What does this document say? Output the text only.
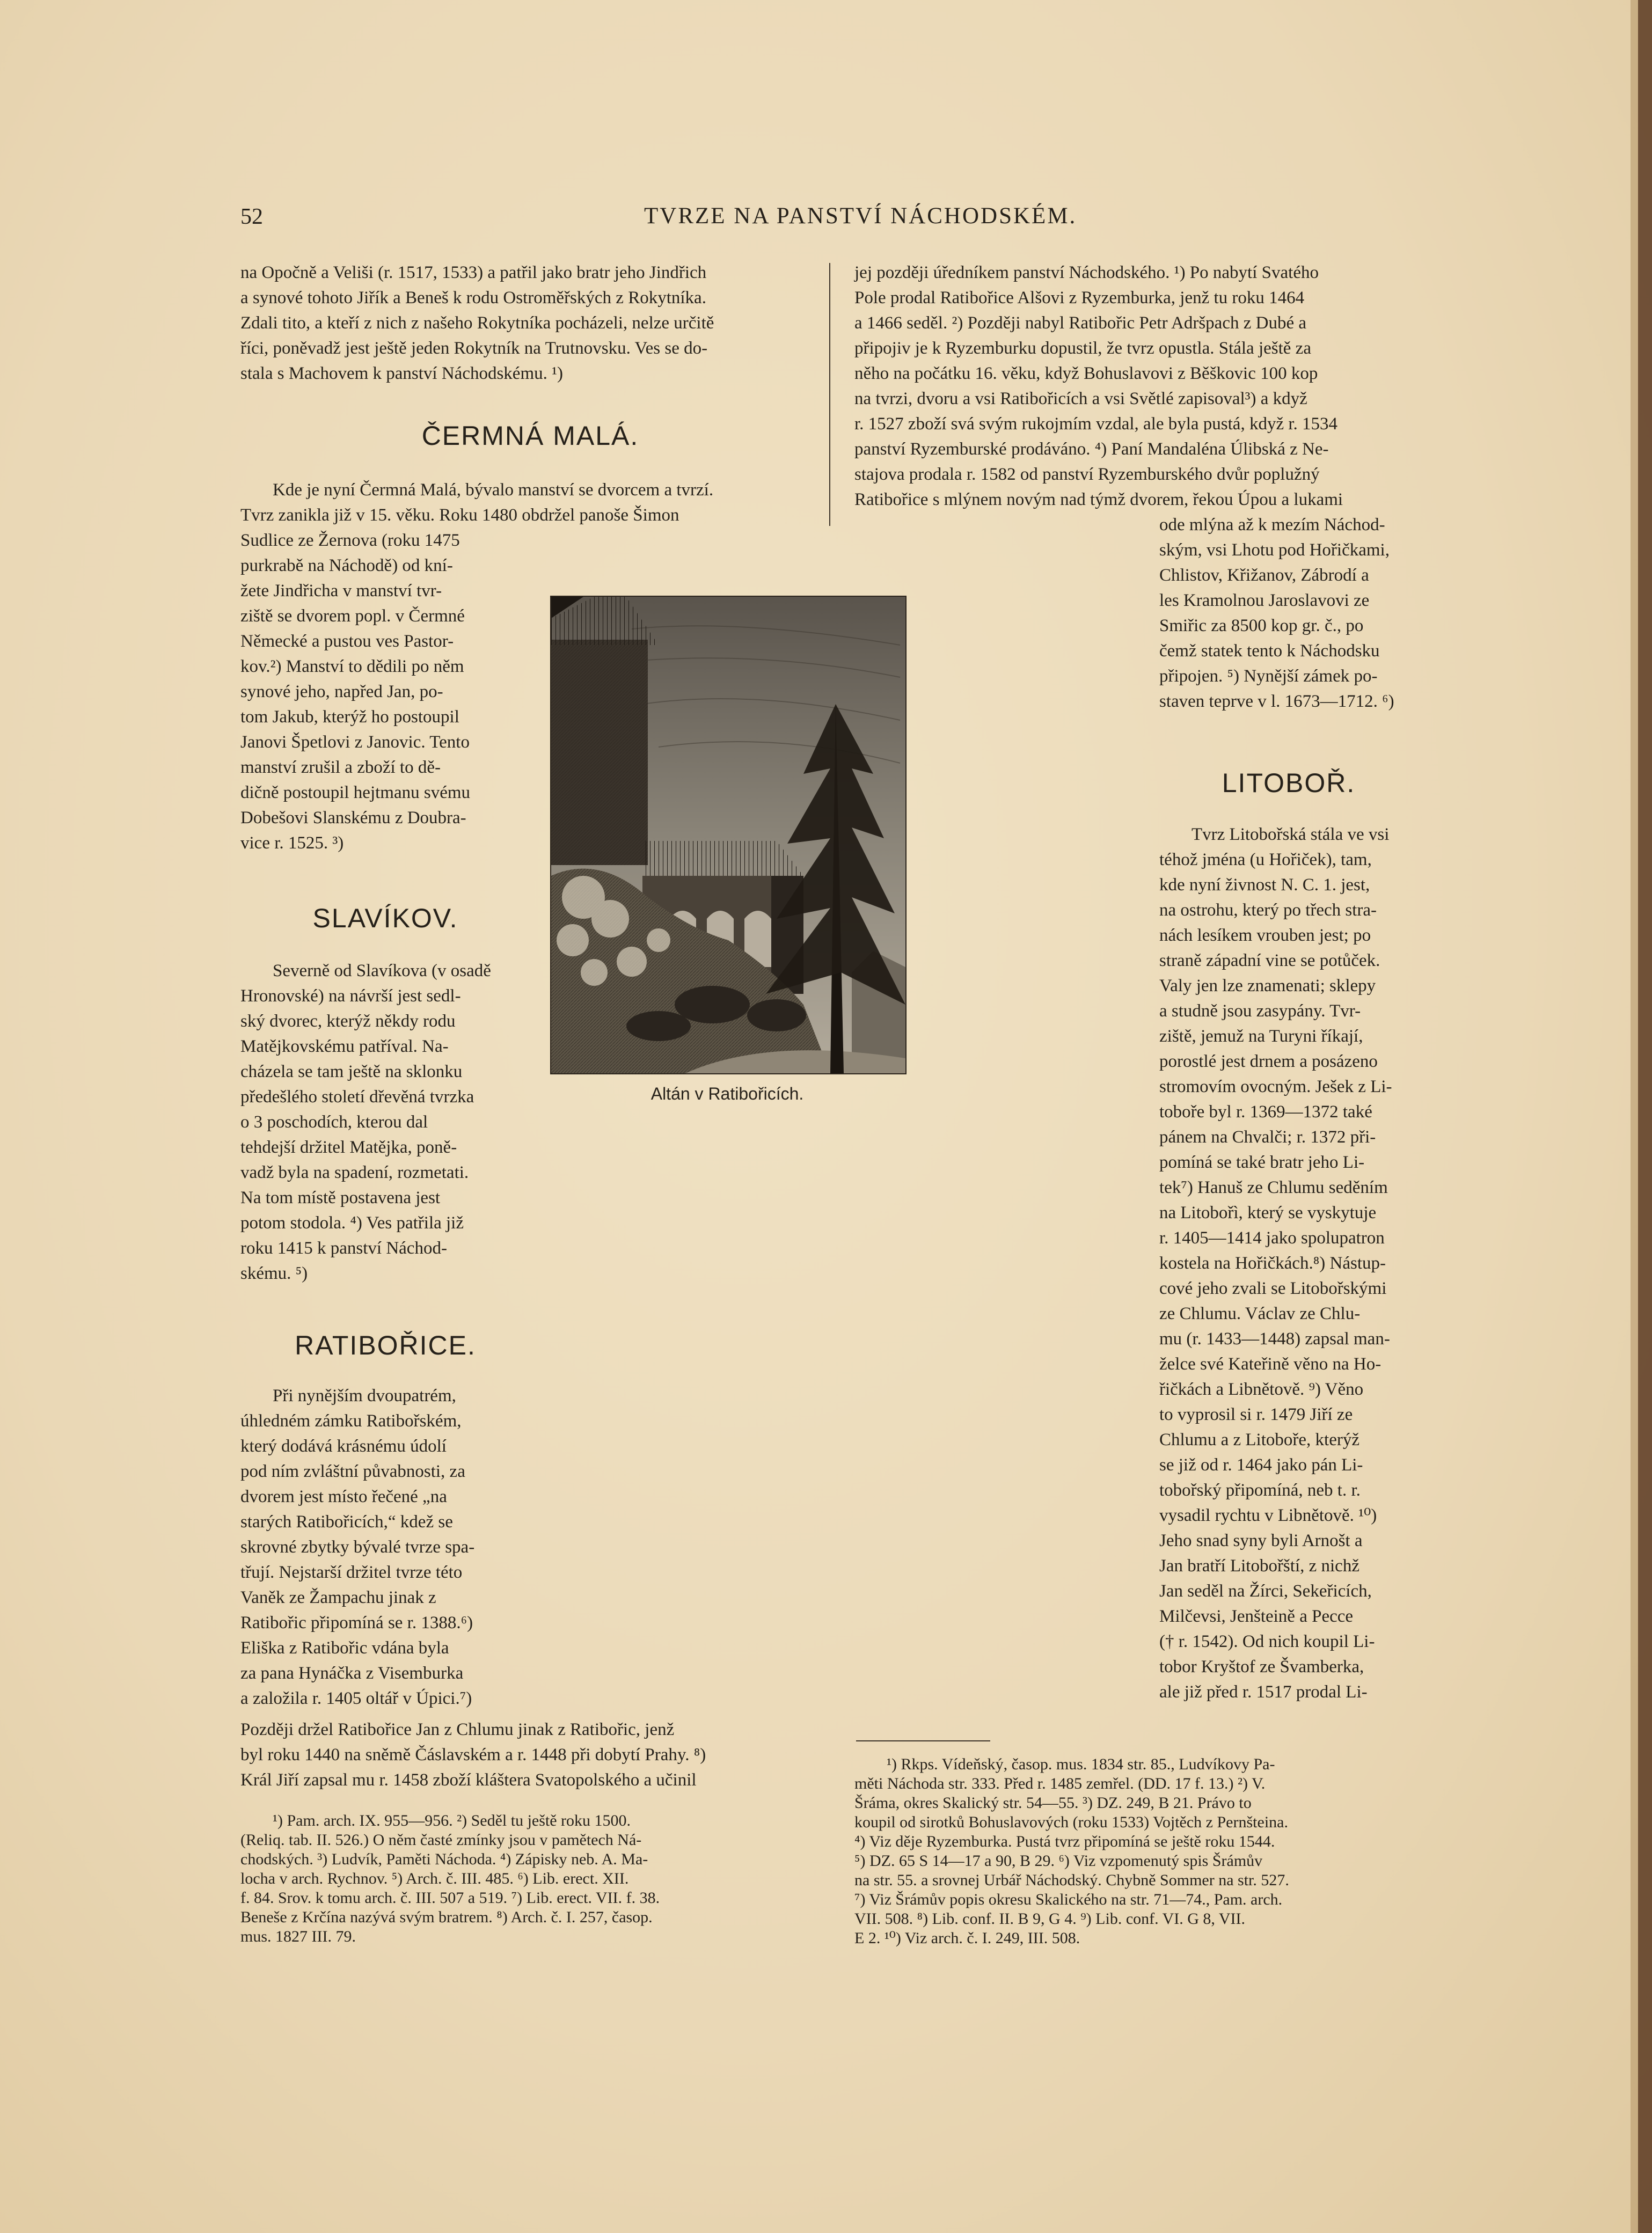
52	TVRZE NA PANSTVÍ NÁCHODSKÉM.

na Opočně a Veliši (r. 1517, 1533) a patřil jako bratr jeho Jindřich

a synové tohoto Jiřík a Beneš k rodu Ostroměřských z Rokytníka.

Zdali tito, a kteří z nich z našeho Rokytníka pocházeli, nelze určitě

říci, poněvadž jest ještě jeden Rokytník na Trutnovsku. Ves se do-

stala s Machovem k panství Náchodskému. ¹)

ČERMNÁ MALÁ.

Kde je nyní Čermná Malá, bývalo manství se dvorcem a tvrzí.

Tvrz zanikla již v 15. věku. Roku 1480 obdržel panoše Šimon

Sudlice ze Žernova (roku 1475

purkrabě na Náchodě) od kní-

žete Jindřicha v manství tvr-

ziště se dvorem popl. v Čermné

Německé a pustou ves Pastor-

kov.²) Manství to dědili po něm

synové jeho, napřed Jan, po-

tom Jakub, kterýž ho postoupil

Janovi Špetlovi z Janovic. Tento

manství zrušil a zboží to dě-

dičně postoupil hejtmanu svému

Dobešovi Slanskému z Doubra-

vice r. 1525. ³)

SLAVÍKOV.

Severně od Slavíkova (v osadě

Hronovské) na návrší jest sedl-

ský dvorec, kterýž někdy rodu

Matějkovskému patříval. Na-

cházela se tam ještě na sklonku

předešlého století dřevěná tvrzka

o 3 poschodích, kterou dal

tehdejší držitel Matějka, poně-

vadž byla na spadení, rozmetati.

Na tom místě postavena jest

potom stodola. ⁴) Ves patřila již

roku 1415 k panství Náchod-

skému. ⁵)

RATIBOŘICE.

Při nynějším dvoupatrém,

úhledném zámku Ratibořském,

který dodává krásnému údolí

pod ním zvláštní půvabnosti, za

dvorem jest místo řečené „na

starých Ratibořicích,“ kdež se

skrovné zbytky bývalé tvrze spa-

třují. Nejstarší držitel tvrze této

Vaněk ze Žampachu jinak z

Ratibořic připomíná se r. 1388.⁶)

Eliška z Ratibořic vdána byla

za pana Hynáčka z Visemburka

a založila r. 1405 oltář v Úpici.⁷)

Později držel Ratibořice Jan z Chlumu jinak z Ratibořic, jenž

byl roku 1440 na sněmě Čáslavském a r. 1448 při dobytí Prahy. ⁸)

Král Jiří zapsal mu r. 1458 zboží kláštera Svatopolského a učinil

¹) Pam. arch. IX. 955—956. ²) Seděl tu ještě roku 1500.

(Reliq. tab. II. 526.) O něm časté zmínky jsou v pamětech Ná-

chodských. ³) Ludvík, Paměti Náchoda. ⁴) Zápisky neb. A. Ma-

locha v arch. Rychnov. ⁵) Arch. č. III. 485. ⁶) Lib. erect. XII.

f. 84. Srov. k tomu arch. č. III. 507 a 519. ⁷) Lib. erect. VII. f. 38.

Beneše z Krčína nazývá svým bratrem. ⁸) Arch. č. I. 257, časop.

mus. 1827 III. 79.

jej později úředníkem panství Náchodského. ¹) Po nabytí Svatého

Pole prodal Ratibořice Alšovi z Ryzemburka, jenž tu roku 1464

a 1466 seděl. ²) Později nabyl Ratibořic Petr Adršpach z Dubé a

připojiv je k Ryzemburku dopustil, že tvrz opustla. Stála ještě za

něho na počátku 16. věku, když Bohuslavovi z Běškovic 100 kop

na tvrzi, dvoru a vsi Ratibořicích a vsi Světlé zapisoval³) a když

r. 1527 zboží svá svým rukojmím vzdal, ale byla pustá, když r. 1534

panství Ryzemburské prodáváno. ⁴) Paní Mandaléna Úlibská z Ne-

stajova prodala r. 1582 od panství Ryzemburského dvůr poplužný

Ratibořice s mlýnem novým nad týmž dvorem, řekou Úpou a lukami

ode mlýna až k mezím Náchod-

ským, vsi Lhotu pod Hořičkami,

Chlistov, Křižanov, Zábrodí a

les Kramolnou Jaroslavovi ze

Smiřic za 8500 kop gr. č., po

čemž statek tento k Náchodsku

připojen. ⁵) Nynější zámek po-

staven teprve v l. 1673—1712. ⁶)

LITOBOŘ.

Tvrz Litobořská stála ve vsi

téhož jména (u Hořiček), tam,

kde nyní živnost N. C. 1. jest,

na ostrohu, který po třech stra-

nách lesíkem vrouben jest; po

straně západní vine se potůček.

Valy jen lze znamenati; sklepy

a studně jsou zasypány. Tvr-

ziště, jemuž na Turyni říkají,

porostlé jest drnem a posázeno

stromovím ovocným. Ješek z Li-

toboře byl r. 1369—1372 také

pánem na Chvalči; r. 1372 při-

pomíná se také bratr jeho Li-

tek⁷) Hanuš ze Chlumu seděním

na Litobořì, který se vyskytuje

r. 1405—1414 jako spolupatron

kostela na Hořičkách.⁸) Nástup-

cové jeho zvali se Litobořskými

ze Chlumu. Václav ze Chlu-

mu (r. 1433—1448) zapsal man-

želce své Kateřině věno na Ho-

řičkách a Libnětově. ⁹) Věno

to vyprosil si r. 1479 Jiří ze

Chlumu a z Litoboře, kterýž

se již od r. 1464 jako pán Li-

tobořský připomíná, neb t. r.

vysadil rychtu v Libnětově. ¹⁰)

Jeho snad syny byli Arnošt a

Jan bratří Litobořští, z nichž

Jan seděl na Žírci, Sekeřicích,

Milčevsi, Jenšteině a Pecce

(† r. 1542). Od nich koupil Li-

tobor Kryštof ze Švamberka,

ale již před r. 1517 prodal Li-

¹) Rkps. Vídeňský, časop. mus. 1834 str. 85., Ludvíkovy Pa-

měti Náchoda str. 333. Před r. 1485 zemřel. (DD. 17 f. 13.) ²) V.

Šráma, okres Skalický str. 54—55. ³) DZ. 249, B 21. Právo to

koupil od sirotků Bohuslavových (roku 1533) Vojtěch z Pernšteina.

⁴) Viz děje Ryzemburka. Pustá tvrz připomíná se ještě roku 1544.

⁵) DZ. 65 S 14—17 a 90, B 29. ⁶) Viz vzpomenutý spis Šrámův

na str. 55. a srovnej Urbář Náchodský. Chybně Sommer na str. 527.

⁷) Viz Šrámův popis okresu Skalického na str. 71—74., Pam. arch.

VII. 508. ⁸) Lib. conf. II. B 9, G 4. ⁹) Lib. conf. VI. G 8, VII.

E 2. ¹⁰) Viz arch. č. I. 249, III. 508.

Altán v Ratibořicích.
